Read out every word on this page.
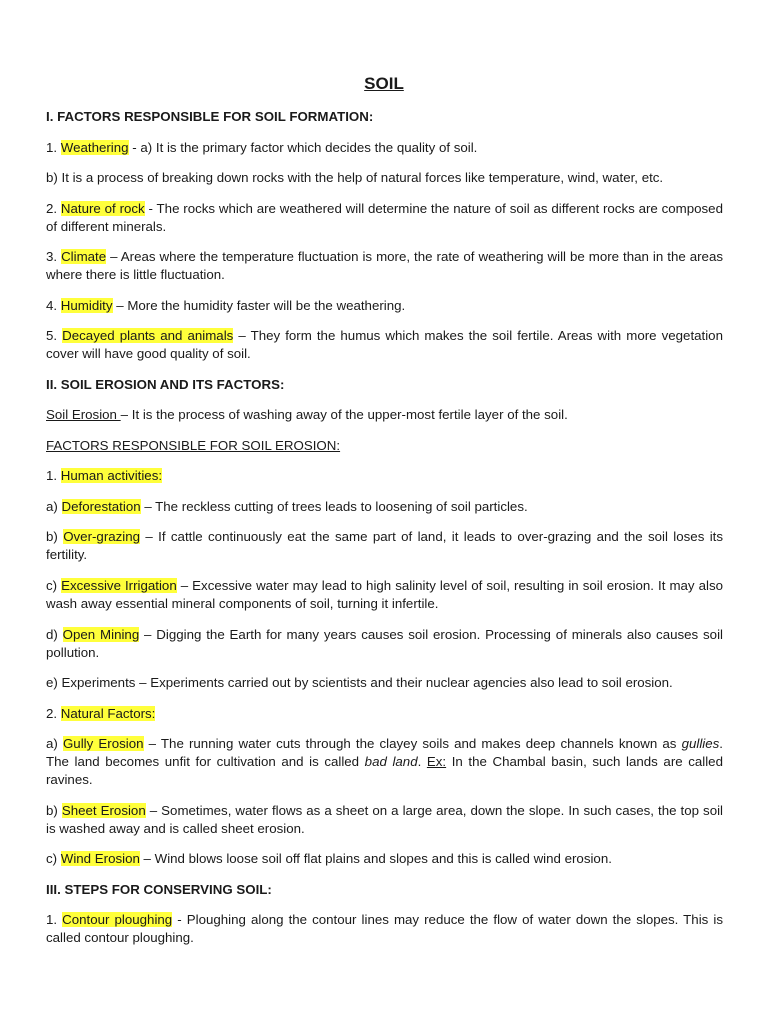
SOIL
I. FACTORS RESPONSIBLE FOR SOIL FORMATION:
1. Weathering - a) It is the primary factor which decides the quality of soil.
b) It is a process of breaking down rocks with the help of natural forces like temperature, wind, water, etc.
2. Nature of rock - The rocks which are weathered will determine the nature of soil as different rocks are composed of different minerals.
3. Climate – Areas where the temperature fluctuation is more, the rate of weathering will be more than in the areas where there is little fluctuation.
4. Humidity – More the humidity faster will be the weathering.
5. Decayed plants and animals – They form the humus which makes the soil fertile. Areas with more vegetation cover will have good quality of soil.
II. SOIL EROSION AND ITS FACTORS:
Soil Erosion – It is the process of washing away of the upper-most fertile layer of the soil.
FACTORS RESPONSIBLE FOR SOIL EROSION:
1. Human activities:
a) Deforestation – The reckless cutting of trees leads to loosening of soil particles.
b) Over-grazing – If cattle continuously eat the same part of land, it leads to over-grazing and the soil loses its fertility.
c) Excessive Irrigation – Excessive water may lead to high salinity level of soil, resulting in soil erosion. It may also wash away essential mineral components of soil, turning it infertile.
d) Open Mining – Digging the Earth for many years causes soil erosion. Processing of minerals also causes soil pollution.
e) Experiments – Experiments carried out by scientists and their nuclear agencies also lead to soil erosion.
2. Natural Factors:
a) Gully Erosion – The running water cuts through the clayey soils and makes deep channels known as gullies. The land becomes unfit for cultivation and is called bad land. Ex: In the Chambal basin, such lands are called ravines.
b) Sheet Erosion – Sometimes, water flows as a sheet on a large area, down the slope. In such cases, the top soil is washed away and is called sheet erosion.
c) Wind Erosion – Wind blows loose soil off flat plains and slopes and this is called wind erosion.
III. STEPS FOR CONSERVING SOIL:
1. Contour ploughing - Ploughing along the contour lines may reduce the flow of water down the slopes. This is called contour ploughing.
